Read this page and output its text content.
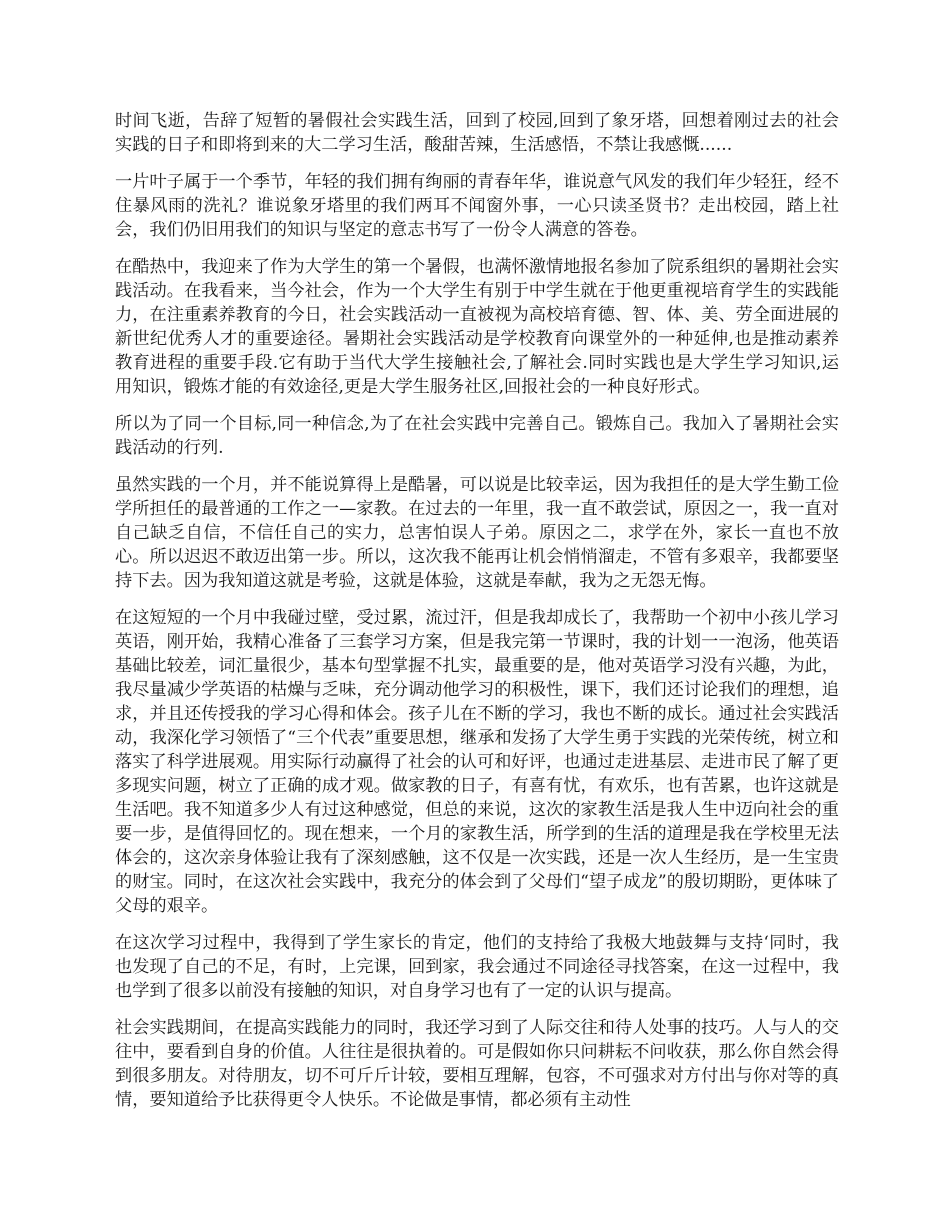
时间飞逝，告辞了短暂的暑假社会实践生活，回到了校园,回到了象牙塔，回想着刚过去的社会实践的日子和即将到来的大二学习生活，酸甜苦辣，生活感悟，不禁让我感慨......

一片叶子属于一个季节，年轻的我们拥有绚丽的青春年华，谁说意气风发的我们年少轻狂，经不住暴风雨的洗礼？谁说象牙塔里的我们两耳不闻窗外事，一心只读圣贤书？走出校园，踏上社会，我们仍旧用我们的知识与坚定的意志书写了一份令人满意的答卷。

在酷热中，我迎来了作为大学生的第一个暑假，也满怀激情地报名参加了院系组织的暑期社会实践活动。在我看来，当今社会，作为一个大学生有别于中学生就在于他更重视培育学生的实践能力，在注重素养教育的今日，社会实践活动一直被视为高校培育德、智、体、美、劳全面进展的新世纪优秀人才的重要途径。暑期社会实践活动是学校教育向课堂外的一种延伸,也是推动素养教育进程的重要手段.它有助于当代大学生接触社会,了解社会.同时实践也是大学生学习知识,运用知识，锻炼才能的有效途径,更是大学生服务社区,回报社会的一种良好形式。

所以为了同一个目标,同一种信念,为了在社会实践中完善自己。锻炼自己。我加入了暑期社会实践活动的行列.

虽然实践的一个月，并不能说算得上是酷暑，可以说是比较幸运，因为我担任的是大学生勤工俭学所担任的最普通的工作之一—家教。在过去的一年里，我一直不敢尝试，原因之一，我一直对自己缺乏自信，不信任自己的实力，总害怕误人子弟。原因之二，求学在外，家长一直也不放心。所以迟迟不敢迈出第一步。所以，这次我不能再让机会悄悄溜走，不管有多艰辛，我都要坚持下去。因为我知道这就是考验，这就是体验，这就是奉献，我为之无怨无悔。

在这短短的一个月中我碰过壁，受过累，流过汗，但是我却成长了，我帮助一个初中小孩儿学习英语，刚开始，我精心准备了三套学习方案，但是我完第一节课时，我的计划一一泡汤，他英语基础比较差，词汇量很少，基本句型掌握不扎实，最重要的是，他对英语学习没有兴趣，为此，我尽量减少学英语的枯燥与乏味，充分调动他学习的积极性，课下，我们还讨论我们的理想，追求，并且还传授我的学习心得和体会。孩子儿在不断的学习，我也不断的成长。通过社会实践活动，我深化学习领悟了“三个代表”重要思想，继承和发扬了大学生勇于实践的光荣传统，树立和落实了科学进展观。用实际行动赢得了社会的认可和好评，也通过走进基层、走进市民了解了更多现实问题，树立了正确的成才观。做家教的日子，有喜有忧，有欢乐，也有苦累，也许这就是生活吧。我不知道多少人有过这种感觉，但总的来说，这次的家教生活是我人生中迈向社会的重要一步，是值得回忆的。现在想来，一个月的家教生活，所学到的生活的道理是我在学校里无法体会的，这次亲身体验让我有了深刻感触，这不仅是一次实践，还是一次人生经历，是一生宝贵的财宝。同时，在这次社会实践中，我充分的体会到了父母们“望子成龙”的殷切期盼，更体味了父母的艰辛。

在这次学习过程中，我得到了学生家长的肯定，他们的支持给了我极大地鼓舞与支持‘同时，我也发现了自己的不足，有时，上完课，回到家，我会通过不同途径寻找答案，在这一过程中，我也学到了很多以前没有接触的知识，对自身学习也有了一定的认识与提高。

社会实践期间，在提高实践能力的同时，我还学习到了人际交往和待人处事的技巧。人与人的交往中，要看到自身的价值。人往往是很执着的。可是假如你只问耕耘不问收获，那么你自然会得到很多朋友。对待朋友，切不可斤斤计较，要相互理解，包容，不可强求对方付出与你对等的真情，要知道给予比获得更令人快乐。不论做是事情，都必须有主动性
